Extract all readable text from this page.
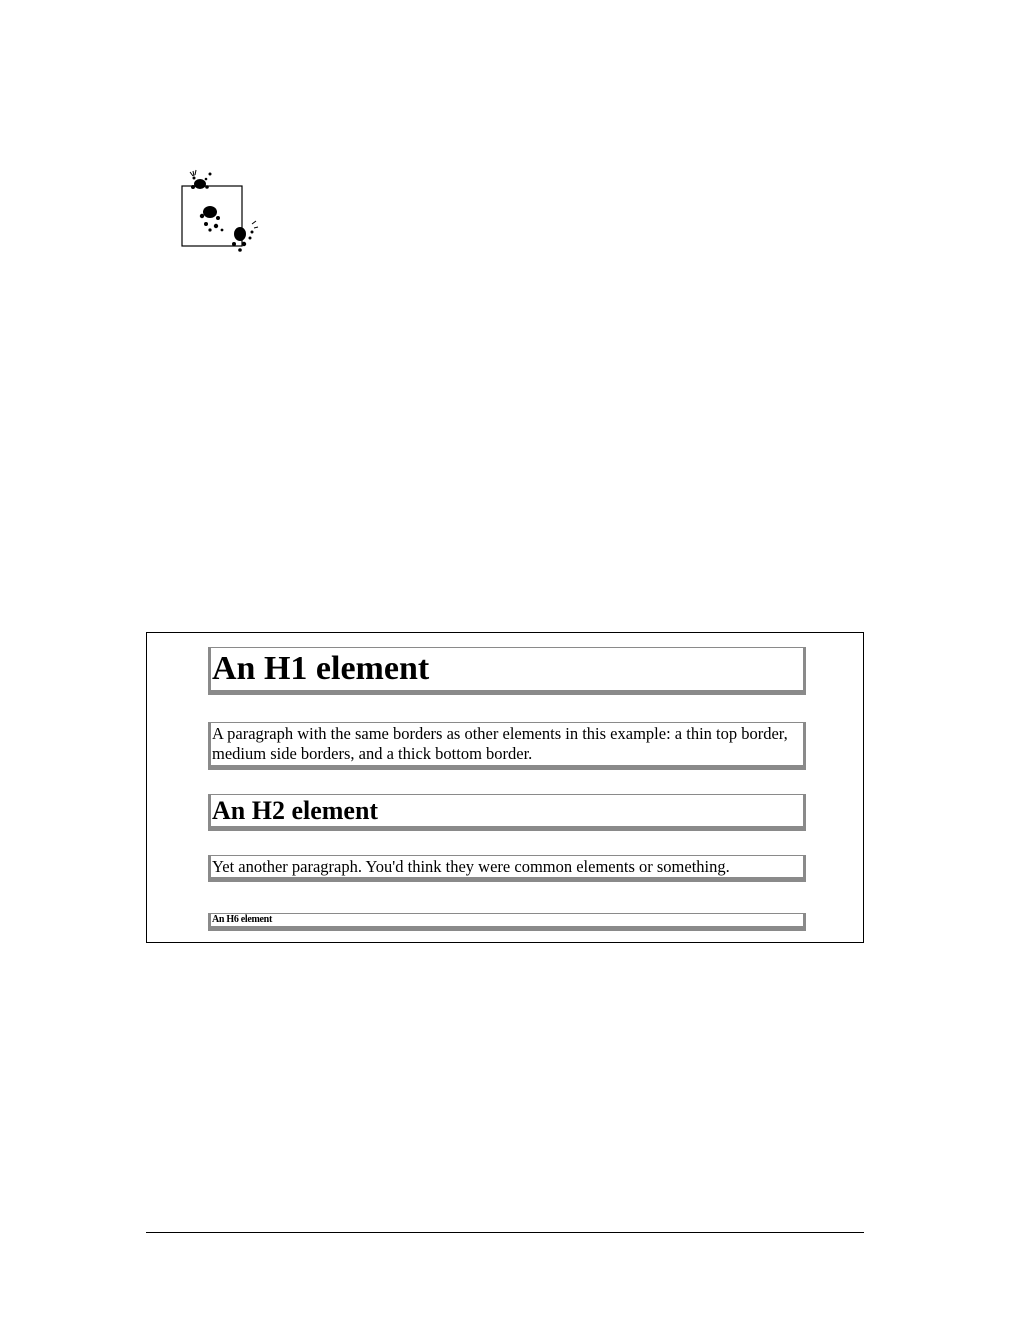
An H1 element

A paragraph with the same borders as other elements in this example: a thin top border, medium side borders, and a thick bottom border.

An H2 element

Yet another paragraph. You'd think they were common elements or something.

An H6 element
